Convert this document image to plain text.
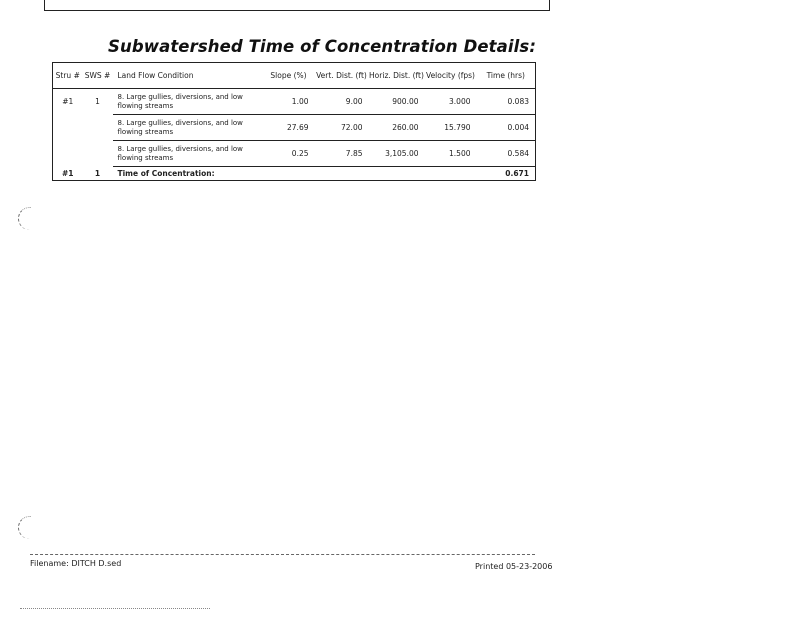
Subwatershed Time of Concentration Details:
Stru #	SWS #	Land Flow Condition	Slope (%)	Vert. Dist. (ft)	Horiz. Dist. (ft)	Velocity (fps)	Time (hrs)
#1	1	8. Large gullies, diversions, and low flowing streams	1.00	9.00	900.00	3.000	0.083
		8. Large gullies, diversions, and low flowing streams	27.69	72.00	260.00	15.790	0.004
		8. Large gullies, diversions, and low flowing streams	0.25	7.85	3,105.00	1.500	0.584
#1	1	Time of Concentration:					0.671
Filename: DITCH D.sed	Printed 05-23-2006
